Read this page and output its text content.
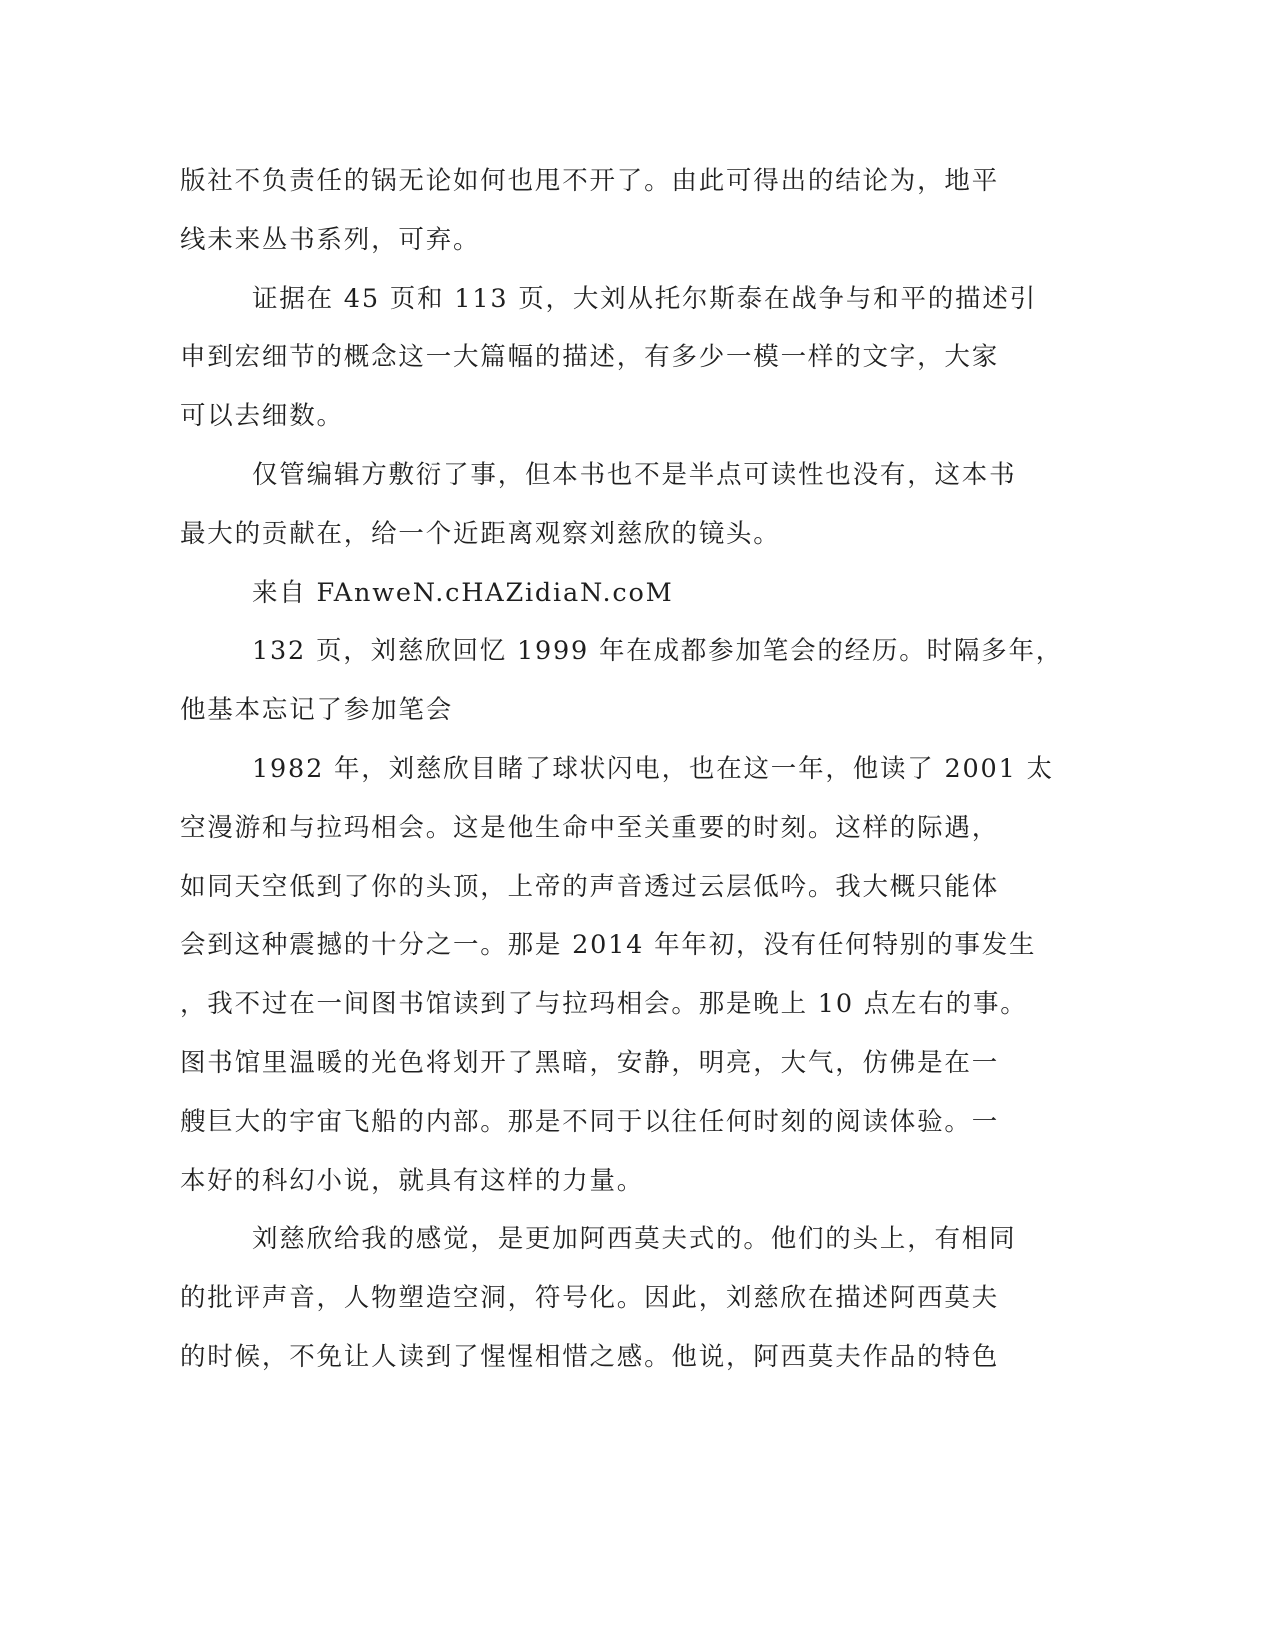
版社不负责任的锅无论如何也甩不开了。由此可得出的结论为，地平

线未来丛书系列，可弃。

证据在 45 页和 113 页，大刘从托尔斯泰在战争与和平的描述引

申到宏细节的概念这一大篇幅的描述，有多少一模一样的文字，大家

可以去细数。

仅管编辑方敷衍了事，但本书也不是半点可读性也没有，这本书

最大的贡献在，给一个近距离观察刘慈欣的镜头。

来自 FAnweN.cHAZidiaN.coM

132 页，刘慈欣回忆 1999 年在成都参加笔会的经历。时隔多年，

他基本忘记了参加笔会

1982 年，刘慈欣目睹了球状闪电，也在这一年，他读了 2001 太

空漫游和与拉玛相会。这是他生命中至关重要的时刻。这样的际遇，

如同天空低到了你的头顶，上帝的声音透过云层低吟。我大概只能体

会到这种震撼的十分之一。那是 2014 年年初，没有任何特别的事发生

，我不过在一间图书馆读到了与拉玛相会。那是晚上 10 点左右的事。

图书馆里温暖的光色将划开了黑暗，安静，明亮，大气，仿佛是在一

艘巨大的宇宙飞船的内部。那是不同于以往任何时刻的阅读体验。一

本好的科幻小说，就具有这样的力量。

刘慈欣给我的感觉，是更加阿西莫夫式的。他们的头上，有相同

的批评声音，人物塑造空洞，符号化。因此，刘慈欣在描述阿西莫夫

的时候，不免让人读到了惺惺相惜之感。他说，阿西莫夫作品的特色
